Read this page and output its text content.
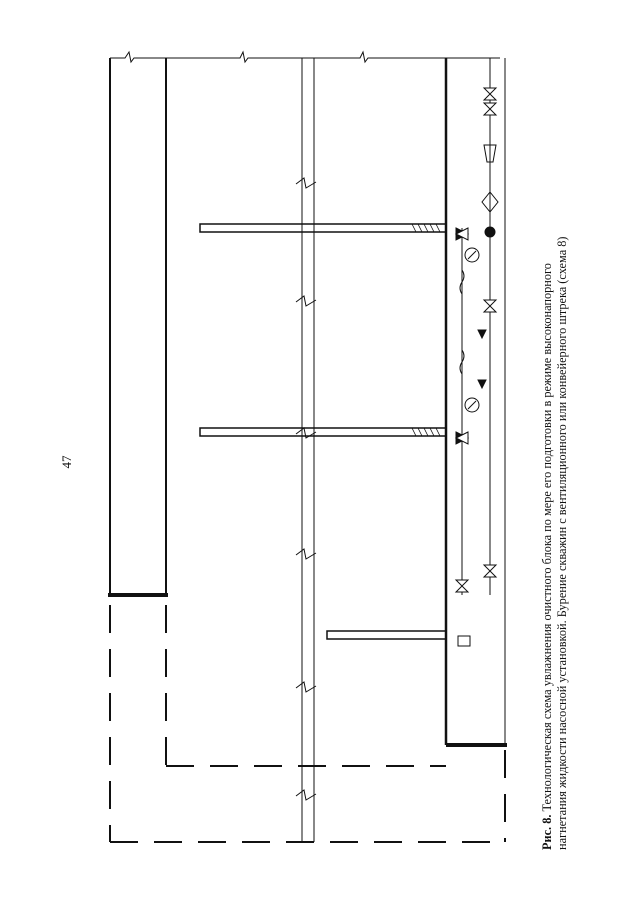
47
Рис. 8. Технологическая схема увлажнения очистного блока по мере его подготовки в режиме высоконапорного нагнетания жидкости насосной установкой. Бурение скважин с вентиляционного или конвейерного штрека (схема 8)
